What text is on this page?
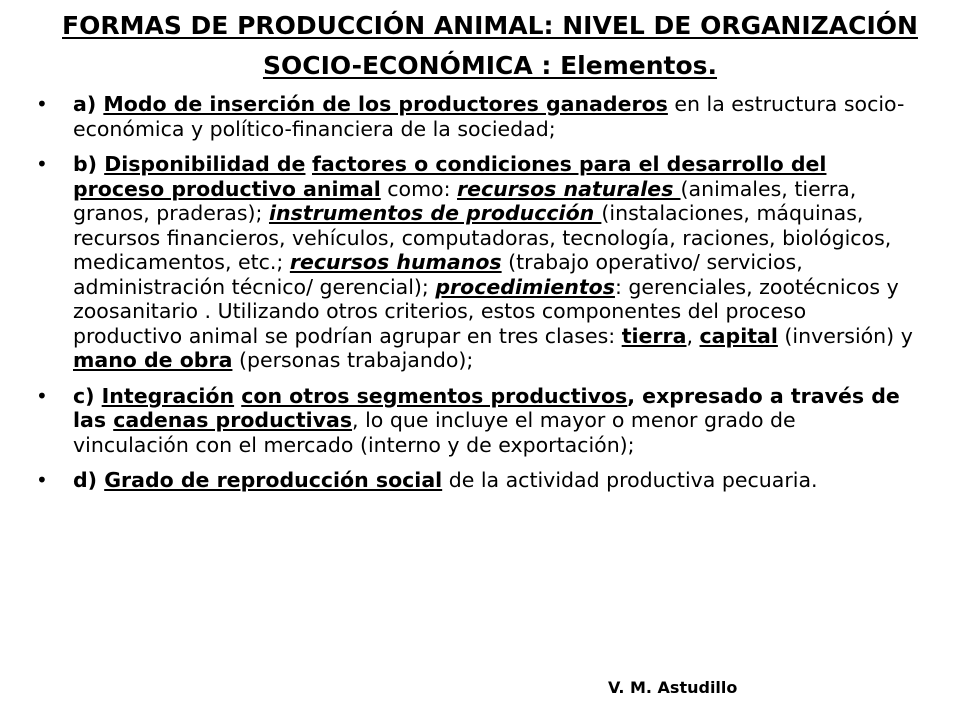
FORMAS DE PRODUCCIÓN ANIMAL: NIVEL DE ORGANIZACIÓN SOCIO-ECONÓMICA : Elementos.
• a) Modo de inserción de los productores ganaderos en la estructura socio-económica y político-financiera de la sociedad;
• b) Disponibilidad de factores o condiciones para el desarrollo del proceso productivo animal como: recursos naturales (animales, tierra, granos, praderas); instrumentos de producción (instalaciones, máquinas, recursos financieros, vehículos, computadoras, tecnología, raciones, biológicos, medicamentos, etc.; recursos humanos (trabajo operativo/ servicios, administración técnico/ gerencial); procedimientos: gerenciales, zootécnicos y zoosanitario . Utilizando otros criterios, estos componentes del proceso productivo animal se podrían agrupar en tres clases: tierra, capital (inversión) y mano de obra (personas trabajando);
• c) Integración con otros segmentos productivos, expresado a través de las cadenas productivas, lo que incluye el mayor o menor grado de vinculación con el mercado (interno y de exportación);
• d) Grado de reproducción social de la actividad productiva pecuaria.
V. M. Astudillo
